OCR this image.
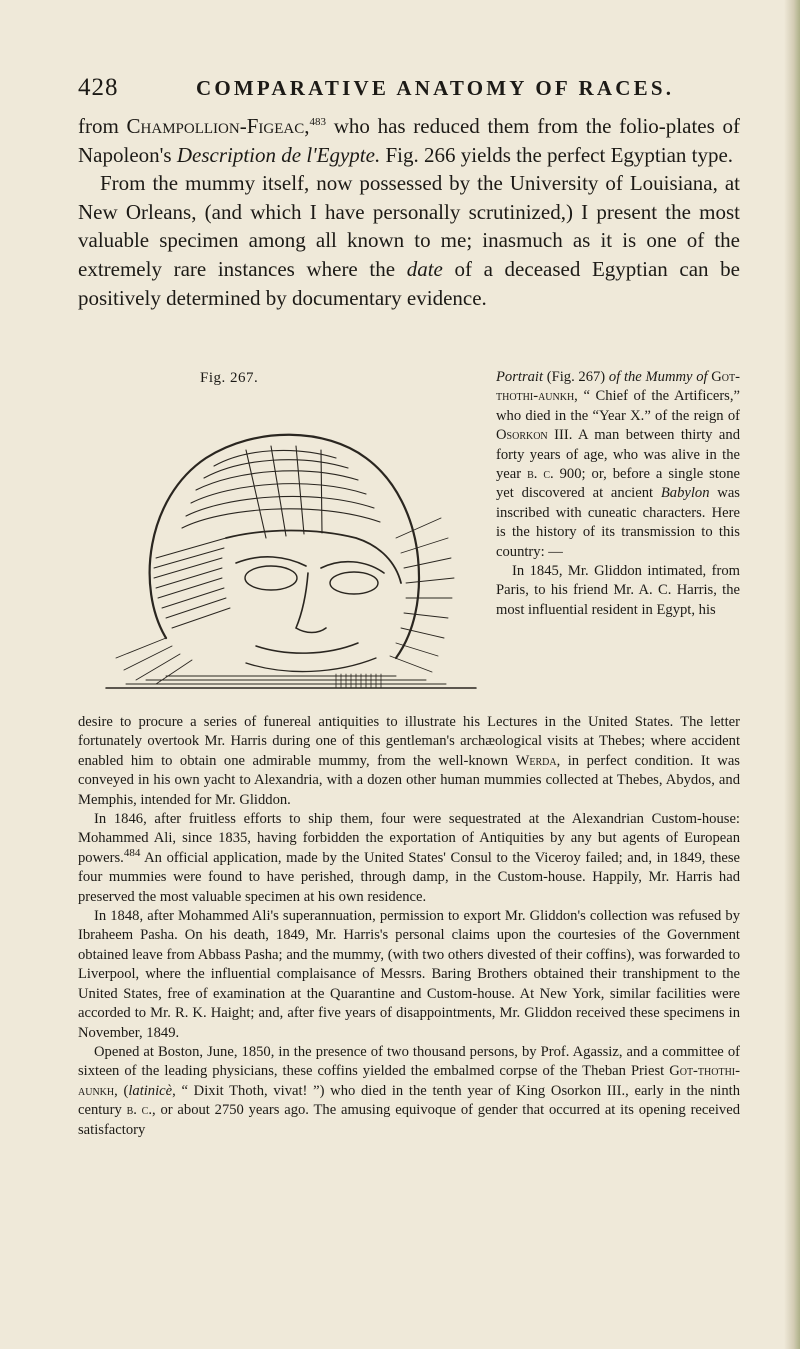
428	COMPARATIVE ANATOMY OF RACES.

from Champollion-Figeac,$^{483}$ who has reduced them from the folio-plates of Napoleon's Description de l'Egypte. Fig. 266 yields the perfect Egyptian type.

From the mummy itself, now possessed by the University of Louisiana, at New Orleans, (and which I have personally scrutinized,) I present the most valuable specimen among all known to me; inasmuch as it is one of the extremely rare instances where the date of a deceased Egyptian can be positively determined by documentary evidence.

Fig. 267.	Portrait (Fig. 267) of the Mummy of Got-thothi-aunkh, “ Chief of the Artificers,” who died in the “Year X.” of the reign of Osorkon III. A man between thirty and forty years of age, who was alive in the year b. c. 900; or, before a single stone yet discovered at ancient Babylon was inscribed with cuneatic characters. Here is the history of its transmission to this country: —

In 1845, Mr. Gliddon intimated, from Paris, to his friend Mr. A. C. Harris, the most influential resident in Egypt, his

desire to procure a series of funereal antiquities to illustrate his Lectures in the United States. The letter fortunately overtook Mr. Harris during one of this gentleman's archæological visits at Thebes; where accident enabled him to obtain one admirable mummy, from the well-known Werda, in perfect condition. It was conveyed in his own yacht to Alexandria, with a dozen other human mummies collected at Thebes, Abydos, and Memphis, intended for Mr. Gliddon.

In 1846, after fruitless efforts to ship them, four were sequestrated at the Alexandrian Custom-house: Mohammed Ali, since 1835, having forbidden the exportation of Antiquities by any but agents of European powers.$^{484}$ An official application, made by the United States' Consul to the Viceroy failed; and, in 1849, these four mummies were found to have perished, through damp, in the Custom-house. Happily, Mr. Harris had preserved the most valuable specimen at his own residence.

In 1848, after Mohammed Ali's superannuation, permission to export Mr. Gliddon's collection was refused by Ibraheem Pasha. On his death, 1849, Mr. Harris's personal claims upon the courtesies of the Government obtained leave from Abbass Pasha; and the mummy, (with two others divested of their coffins), was forwarded to Liverpool, where the influential complaisance of Messrs. Baring Brothers obtained their transhipment to the United States, free of examination at the Quarantine and Custom-house. At New York, similar facilities were accorded to Mr. R. K. Haight; and, after five years of disappointments, Mr. Gliddon received these specimens in November, 1849.

Opened at Boston, June, 1850, in the presence of two thousand persons, by Prof. Agassiz, and a committee of sixteen of the leading physicians, these coffins yielded the embalmed corpse of the Theban Priest Got-thothi-aunkh, (latinicè, “ Dixit Thoth, vivat! ”) who died in the tenth year of King Osorkon III., early in the ninth century b. c., or about 2750 years ago. The amusing equivoque of gender that occurred at its opening received satisfactory
